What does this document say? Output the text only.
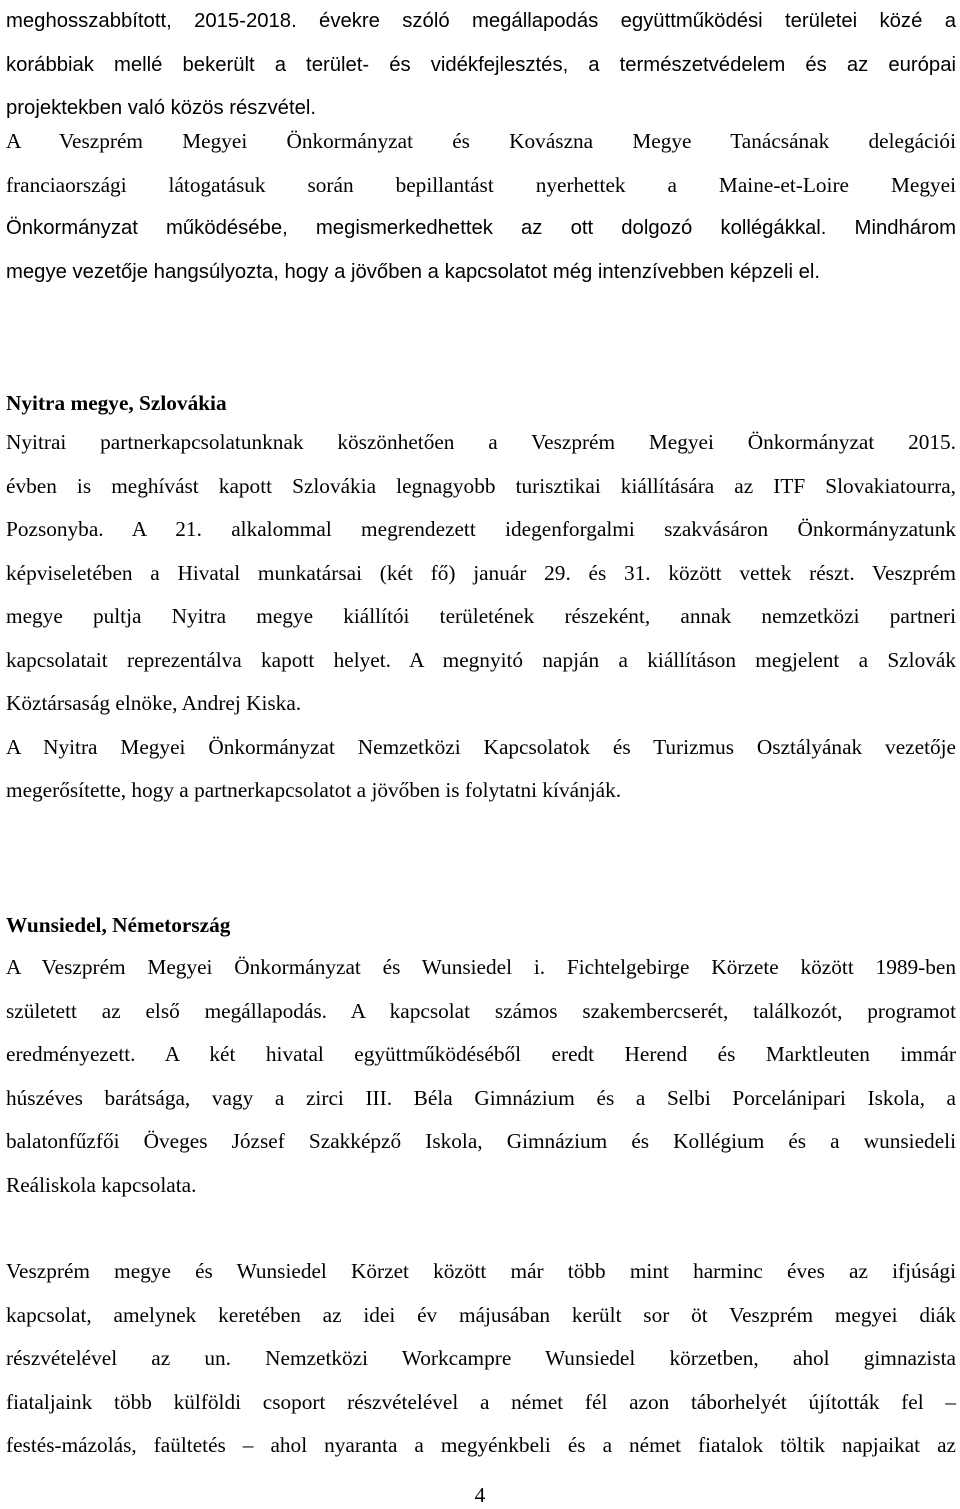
meghosszabbított, 2015-2018. évekre szóló megállapodás együttműködési területei közé a
korábbiak mellé bekerült a terület- és vidékfejlesztés, a természetvédelem és az európai
projektekben való közös részvétel.
A Veszprém Megyei Önkormányzat és Kovászna Megye Tanácsának delegációi
franciaországi látogatásuk során bepillantást nyerhettek a Maine-et-Loire Megyei
Önkormányzat működésébe, megismerkedhettek az ott dolgozó kollégákkal. Mindhárom
megye vezetője hangsúlyozta, hogy a jövőben a kapcsolatot még intenzívebben képzeli el.
Nyitra megye, Szlovákia
Nyitrai partnerkapcsolatunknak köszönhetően a Veszprém Megyei Önkormányzat 2015.
évben is meghívást kapott Szlovákia legnagyobb turisztikai kiállítására az ITF Slovakiatourra,
Pozsonyba. A 21. alkalommal megrendezett idegenforgalmi szakvásáron Önkormányzatunk
képviseletében a Hivatal munkatársai (két fő) január 29. és 31. között vettek részt. Veszprém
megye pultja Nyitra megye kiállítói területének részeként, annak nemzetközi partneri
kapcsolatait reprezentálva kapott helyet. A megnyitó napján a kiállításon megjelent a Szlovák
Köztársaság elnöke, Andrej Kiska.
A Nyitra Megyei Önkormányzat Nemzetközi Kapcsolatok és Turizmus Osztályának vezetője
megerősítette, hogy a partnerkapcsolatot a jövőben is folytatni kívánják.
Wunsiedel, Németország
A Veszprém Megyei Önkormányzat és Wunsiedel i. Fichtelgebirge Körzete között 1989-ben
született az első megállapodás. A kapcsolat számos szakembercserét, találkozót, programot
eredményezett. A két hivatal együttműködéséből eredt Herend és Marktleuten immár
húszéves barátsága, vagy a zirci III. Béla Gimnázium és a Selbi Porcelánipari Iskola, a
balatonfűzfői Öveges József Szakképző Iskola, Gimnázium és Kollégium és a wunsiedeli
Reáliskola kapcsolata.
Veszprém megye és Wunsiedel Körzet között már több mint harminc éves az ifjúsági
kapcsolat, amelynek keretében az idei év májusában került sor öt Veszprém megyei diák
részvételével az un. Nemzetközi Workcampre Wunsiedel körzetben, ahol gimnazista
fiataljaink több külföldi csoport részvételével a német fél azon táborhelyét újították fel –
festés-mázolás, faültetés – ahol nyaranta a megyénkbeli és a német fiatalok töltik napjaikat az
4
